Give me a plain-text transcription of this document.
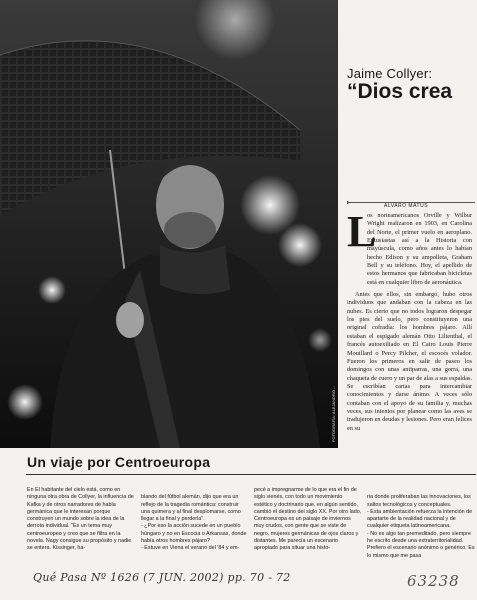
FOTOGRAFÍA: ALEJANDRO ...
Jaime Collyer:
“Dios crea
▸	ALVARO MATUS
L

os norteamericanos Orville y Wilbur Wright realizaron en 1903, en Carolina del Norte, el primer vuelo en aeroplano. Entusiastas así a la Historia con mayúscula, como años antes lo habían hecho Edison y su ampolleta, Graham Bell y su teléfono. Hoy, el apellido de estos hermanos que fabricaban bicicletas está en cualquier libro de aeronáutica.

Antes que ellos, sin embargo, hubo otros individuos que andaban con la cabeza en las nubes. Es cierto que no todos lograron despegar los pies del suelo, pero constituyeron una original cofradía: los hombres pájaro. Allí estaban el espigado alemán Otto Lilienthal, el francés autoexiliado en El Cairo Louis Pierre Mouillard o Percy Pilcher, el escocés volador. Fueron los primeros en salir de paseo los domingos con unas antiparras, una gorra, una chaqueta de cuero y un par de alas a sus espaldas. Se escribían cartas para intercambiar conocimientos y darse ánimo. A veces sólo contaban con el apoyo de su familia y, muchas veces, sus intentos por planear como las aves se tradujeron en deudas y lesiones. Pero eran felices en su

Un viaje por Centroeuropa

En El habitante del cielo está, como en ninguna otra obra de Collyer, la influencia de Kafka y de otros narradores de habla germánica que le interesan porque construyen un mundo sobre la idea de la derrota individual. "Es un tema muy centroeuropeo y creo que se filtra en la novela. Nagy consigue su propósito y nadie se entera. Kissinger, ha-

blando del fútbol alemán, dijo que era un reflejo de la tragedia romántica: construir una quimera y al final desplomarse, como llegar a la final y perderla".
- ¿Por eso la acción sucede en un pueblo húngaro y no en Escocia o Arkansas, donde había otros hombres pájaro?
- Estuve en Viena el verano del '84 y em-

pecé a impregnarme de lo que era el fin de siglo vienés, con todo un movimiento estético y doctrinario que, en algún sentido, cambió el destino del siglo XX. Por otro lado, Centroeuropa es un paisaje de inviernos muy crudos, con gente que se viste de negro, mujeres germánicas de ojos claros y distantes. Me parecía un escenario apropiado para situar una histo-

ria donde proliferaban las innovaciones, los saltos tecnológicos y conceptuales.
- Esta ambientación refuerza la intención de apartarte de la realidad nacional y de cualquier etiqueta latinoamericana.
- No es algo tan premeditado, pero siempre he escrito desde una extraterritorialidad. Prefiero el escenario anónimo o genérico. Es lo mismo que me pasa

Qué Pasa Nº 1626 (7 JUN. 2002) pp. 70 - 72	63238
